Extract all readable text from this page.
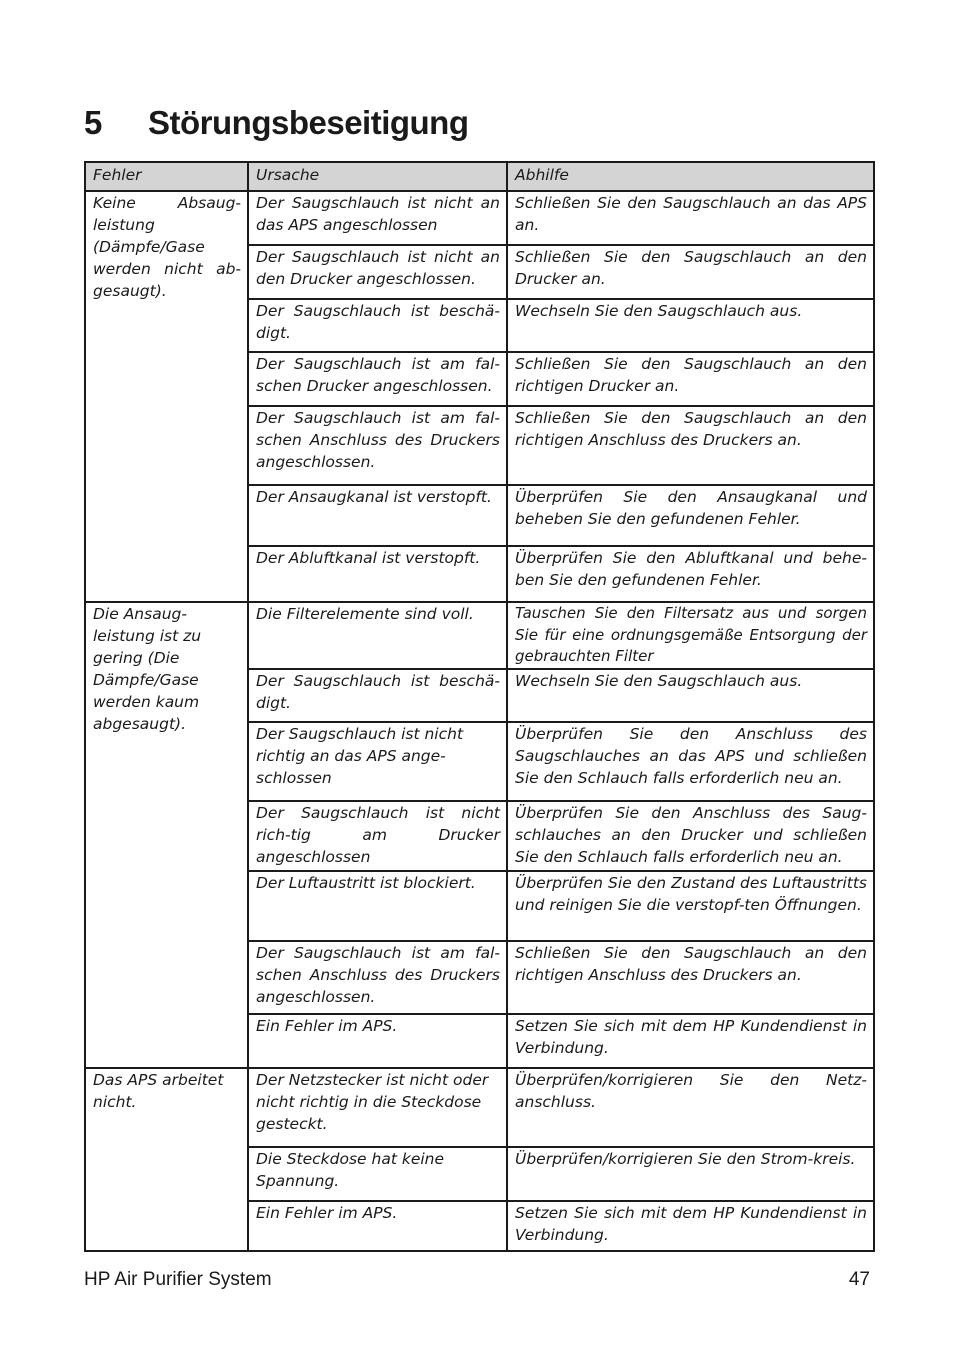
5 Störungsbeseitigung
Fehler	Ursache	Abhilfe
Keine Absaug-leistung (Dämpfe/Gase werden nicht ab-gesaugt).	Der Saugschlauch ist nicht an das APS angeschlossen	Schließen Sie den Saugschlauch an das APS an.
	Der Saugschlauch ist nicht an den Drucker angeschlossen.	Schließen Sie den Saugschlauch an den Drucker an.
	Der Saugschlauch ist beschä-digt.	Wechseln Sie den Saugschlauch aus.
	Der Saugschlauch ist am fal-schen Drucker angeschlossen.	Schließen Sie den Saugschlauch an den richtigen Drucker an.
	Der Saugschlauch ist am fal-schen Anschluss des Druckers angeschlossen.	Schließen Sie den Saugschlauch an den richtigen Anschluss des Druckers an.
	Der Ansaugkanal ist verstopft.	Überprüfen Sie den Ansaugkanal und beheben Sie den gefundenen Fehler.
	Der Abluftkanal ist verstopft.	Überprüfen Sie den Abluftkanal und behe-ben Sie den gefundenen Fehler.
Die Ansaug-leistung ist zu gering (Die Dämpfe/Gase werden kaum abgesaugt).	Die Filterelemente sind voll.	Tauschen Sie den Filtersatz aus und sorgen Sie für eine ordnungsgemäße Entsorgung der gebrauchten Filter
	Der Saugschlauch ist beschä-digt.	Wechseln Sie den Saugschlauch aus.
	Der Saugschlauch ist nicht richtig an das APS ange-schlossen	Überprüfen Sie den Anschluss des Saugschlauches an das APS und schließen Sie den Schlauch falls erforderlich neu an.
	Der Saugschlauch ist nicht rich-tig am Drucker angeschlossen	Überprüfen Sie den Anschluss des Saug-schlauches an den Drucker und schließen Sie den Schlauch falls erforderlich neu an.
	Der Luftaustritt ist blockiert.	Überprüfen Sie den Zustand des Luftaustritts und reinigen Sie die verstopf-ten Öffnungen.
	Der Saugschlauch ist am fal-schen Anschluss des Druckers angeschlossen.	Schließen Sie den Saugschlauch an den richtigen Anschluss des Druckers an.
	Ein Fehler im APS.	Setzen Sie sich mit dem HP Kundendienst in Verbindung.
Das APS arbeitet nicht.	Der Netzstecker ist nicht oder nicht richtig in die Steckdose gesteckt.	Überprüfen/korrigieren Sie den Netz-anschluss.
	Die Steckdose hat keine Spannung.	Überprüfen/korrigieren Sie den Strom-kreis.
	Ein Fehler im APS.	Setzen Sie sich mit dem HP Kundendienst in Verbindung.
HP Air Purifier System	47
